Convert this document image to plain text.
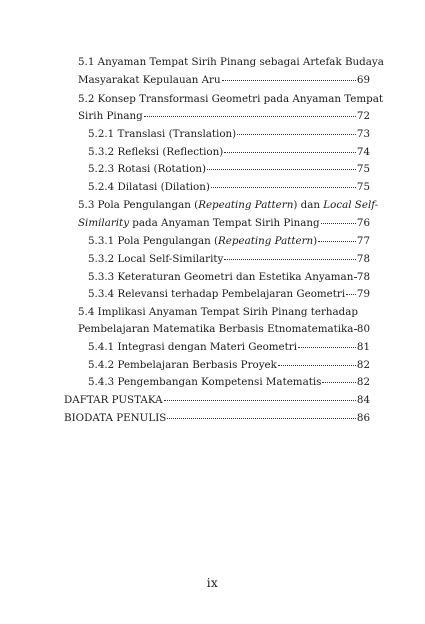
5.1 Anyaman Tempat Sirih Pinang sebagai Artefak Budaya
Masyarakat Kepulauan Aru	69
5.2 Konsep Transformasi Geometri pada Anyaman Tempat
Sirih Pinang	72
5.2.1 Translasi (Translation)	73
5.3.2 Refleksi (Reflection)	74
5.2.3 Rotasi (Rotation)	75
5.2.4 Dilatasi (Dilation)	75
5.3 Pola Pengulangan (Repeating Pattern) dan Local Self-
Similarity pada Anyaman Tempat Sirih Pinang	76
5.3.1 Pola Pengulangan (Repeating Pattern)	77
5.3.2 Local Self-Similarity	78
5.3.3 Keteraturan Geometri dan Estetika Anyaman 78
5.3.4 Relevansi terhadap Pembelajaran Geometri 79
5.4 Implikasi Anyaman Tempat Sirih Pinang terhadap
Pembelajaran Matematika Berbasis Etnomatematika 80
5.4.1 Integrasi dengan Materi Geometri	81
5.4.2 Pembelajaran Berbasis Proyek	82
5.4.3 Pengembangan Kompetensi Matematis	82
DAFTAR PUSTAKA	84
BIODATA PENULIS	86
ix
